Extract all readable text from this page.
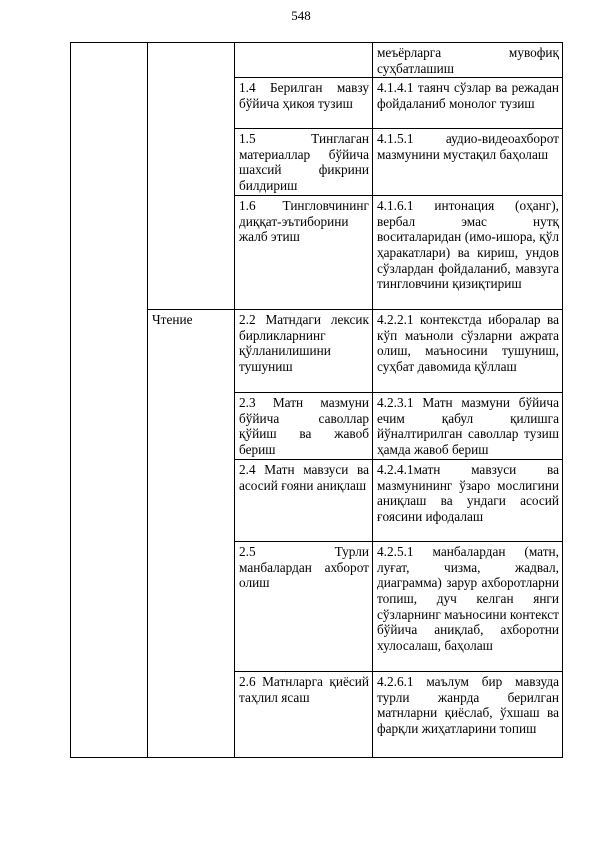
548

			меъёрларга мувофиқ суҳбатлашиш

		1.4 Берилган мавзу бўйича ҳикоя тузиш	4.1.4.1 таянч сўзлар ва режадан фойдаланиб монолог тузиш

		1.5 Тинглаган материаллар бўйича шахсий фикрини билдириш	4.1.5.1 аудио-видеоахборот мазмунини мустақил баҳолаш

		1.6 Тингловчининг диққат-эътиборини жалб этиш	4.1.6.1 интонация (оҳанг), вербал эмас нутқ воситаларидан (имо-ишора, қўл ҳаракатлари) ва кириш, ундов сўзлардан фойдаланиб, мавзуга тингловчини қизиқтириш

	Чтение	2.2 Матндаги лексик бирликларнинг қўлланилишини тушуниш	4.2.2.1 контекстда иборалар ва кўп маъноли сўзларни ажрата олиш, маъносини тушуниш, суҳбат давомида қўллаш

		2.3 Матн мазмуни бўйича саволлар қўйиш ва жавоб бериш	4.2.3.1 Матн мазмуни бўйича ечим қабул қилишга йўналтирилган саволлар тузиш ҳамда жавоб бериш

		2.4 Матн мавзуси ва асосий ғояни аниқлаш	4.2.4.1матн мавзуси ва мазмунининг ўзаро мослигини аниқлаш ва ундаги асосий ғоясини ифодалаш

		2.5 Турли манбалардан ахборот олиш	4.2.5.1 манбалардан (матн, луғат, чизма, жадвал, диаграмма) зарур ахборотларни топиш, дуч келган янги сўзларнинг маъносини контекст бўйича аниқлаб, ахборотни хулосалаш, баҳолаш

		2.6 Матнларга қиёсий таҳлил ясаш	4.2.6.1 маълум бир мавзуда турли жанрда берилган матнларни қиёслаб, ўхшаш ва фарқли жиҳатларини топиш
